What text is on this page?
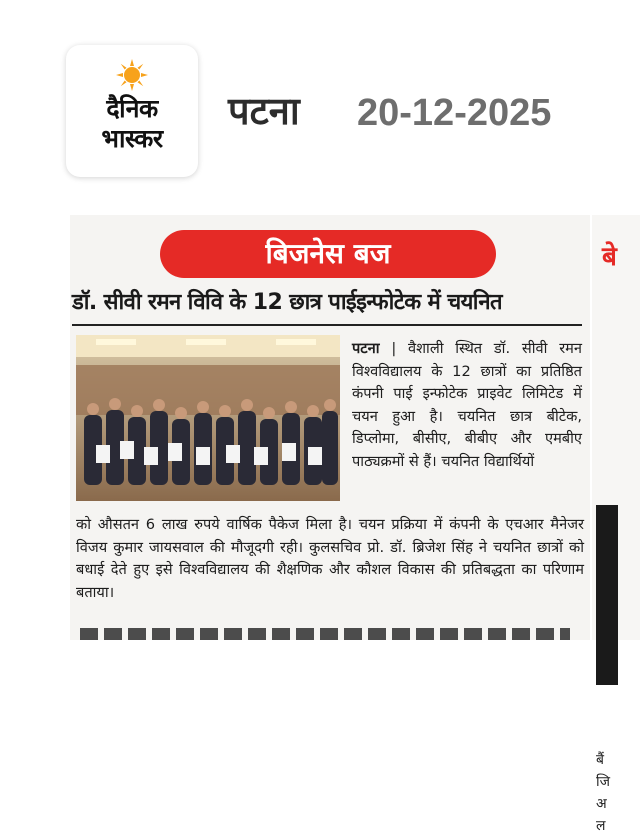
दैनिक
भास्कर
पटना 20-12-2025
बिजनेस बज
डॉ. सीवी रमन विवि के 12 छात्र पाईइन्फोटेक में चयनित
पटना | वैशाली स्थित डॉ. सीवी रमन विश्वविद्यालय के 12 छात्रों का प्रतिष्ठित कंपनी पाई इन्फोटेक प्राइवेट लिमिटेड में चयन हुआ है। चयनित छात्र बीटेक, डिप्लोमा, बीसीए, बीबीए और एमबीए पाठ्यक्रमों से हैं। चयनित विद्यार्थियों
को औसतन 6 लाख रुपये वार्षिक पैकेज मिला है। चयन प्रक्रिया में कंपनी के एचआर मैनेजर विजय कुमार जायसवाल की मौजूदगी रही। कुलसचिव प्रो. डॉ. ब्रिजेश सिंह ने चयनित छात्रों को बधाई देते हुए इसे विश्वविद्यालय की शैक्षणिक और कौशल विकास की प्रतिबद्धता का परिणाम बताया।
बे
बैं
जि
अ
ल
